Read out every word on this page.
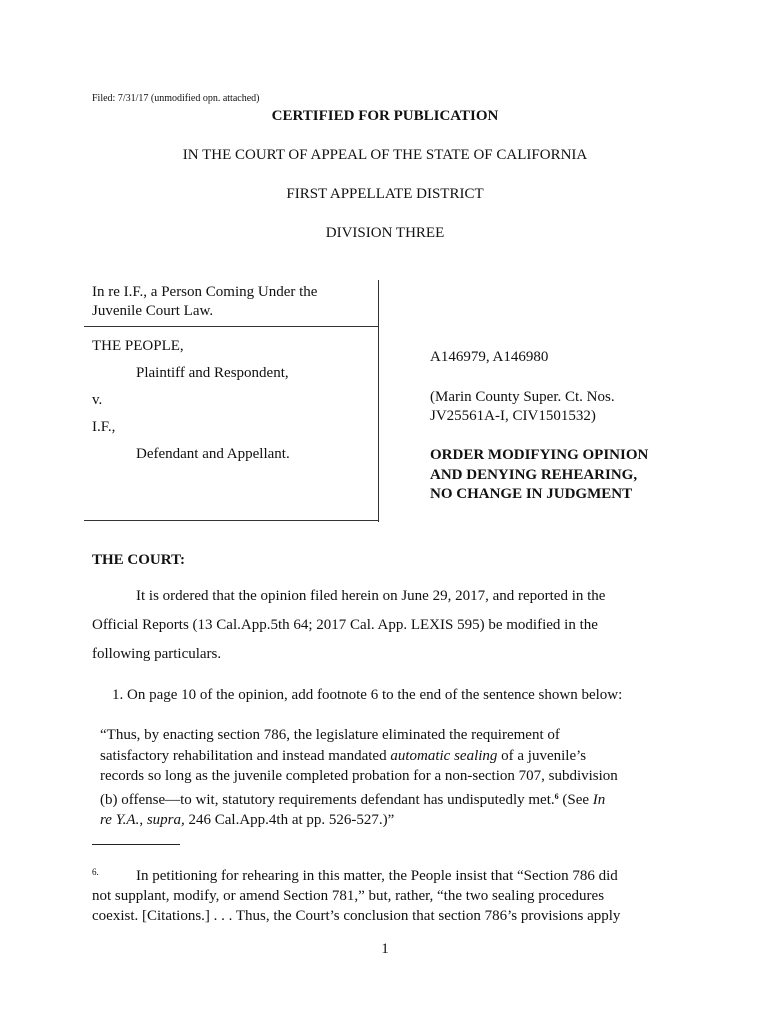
Filed: 7/31/17 (unmodified opn. attached)
CERTIFIED FOR PUBLICATION
IN THE COURT OF APPEAL OF THE STATE OF CALIFORNIA
FIRST APPELLATE DISTRICT
DIVISION THREE
In re I.F., a Person Coming Under the
Juvenile Court Law.
THE PEOPLE,
Plaintiff and Respondent,
v.
I.F.,
Defendant and Appellant.
A146979, A146980
(Marin County Super. Ct. Nos.
JV25561A-I, CIV1501532)
ORDER MODIFYING OPINION
AND DENYING REHEARING,
NO CHANGE IN JUDGMENT
THE COURT:
It is ordered that the opinion filed herein on June 29, 2017, and reported in the
Official Reports (13 Cal.App.5th 64; 2017 Cal. App. LEXIS 595) be modified in the
following particulars.
1. On page 10 of the opinion, add footnote 6 to the end of the sentence shown below:
“Thus, by enacting section 786, the legislature eliminated the requirement of
satisfactory rehabilitation and instead mandated automatic sealing of a juvenile’s
records so long as the juvenile completed probation for a non-section 707, subdivision
(b) offense—to wit, statutory requirements defendant has undisputedly met.$^6$ (See In
re Y.A., supra, 246 Cal.App.4th at pp. 526-527.)”
6. In petitioning for rehearing in this matter, the People insist that “Section 786 did
not supplant, modify, or amend Section 781,” but, rather, “the two sealing procedures
coexist. [Citations.] . . . Thus, the Court’s conclusion that section 786’s provisions apply
1
